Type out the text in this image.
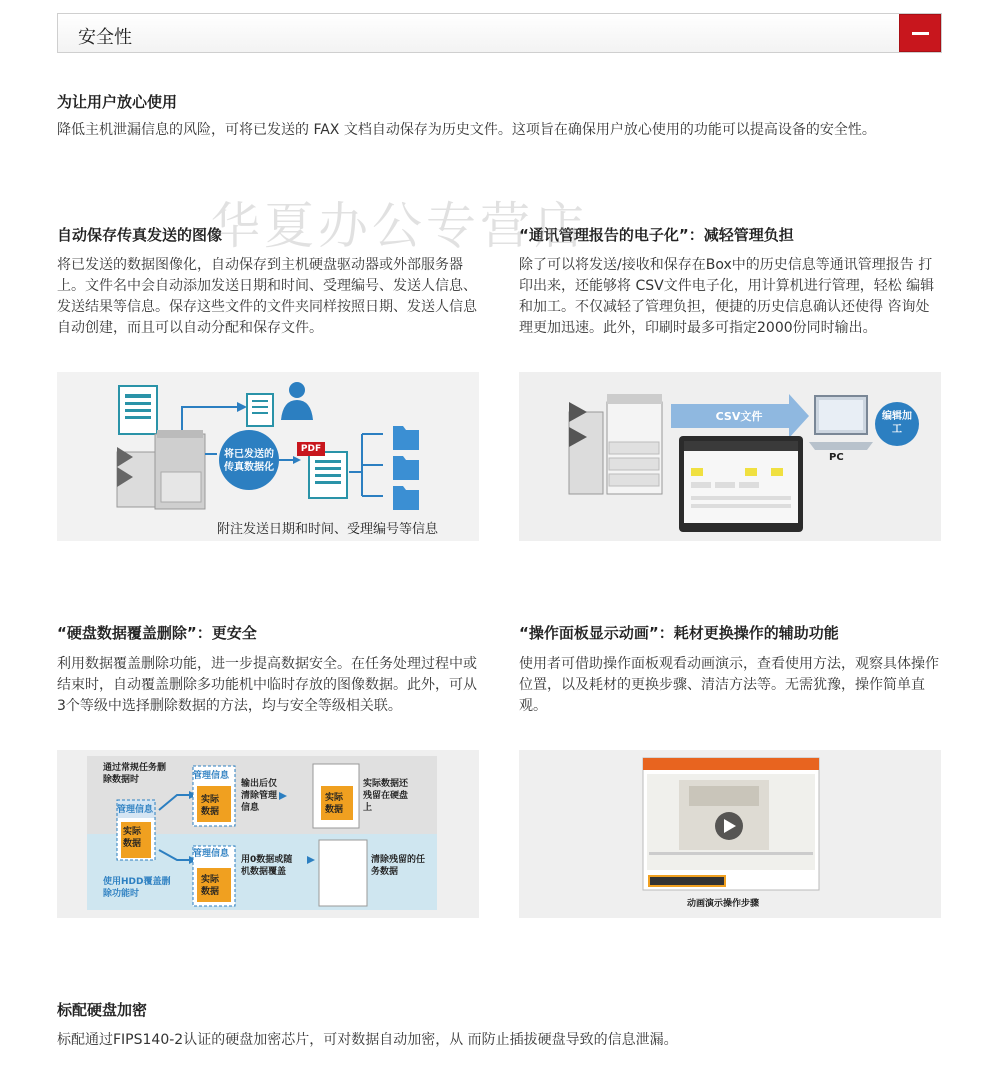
安全性
为让用户放心使用

降低主机泄漏信息的风险，可将已发送的 FAX 文档自动保存为历史文件。这项旨在确保用户放心使用的功能可以提高设备的安全性。

自动保存传真发送的图像

将已发送的数据图像化，自动保存到主机硬盘驱动器或外部服务器上。文件名中会自动添加发送日期和时间、受理编号、发送人信息、发送结果等信息。保存这些文件的文件夹同样按照日期、发送人信息自动创建，而且可以自动分配和保存文件。

将已发送的传真数据化
PDF
附注发送日期和时间、受理编号等信息
“通讯管理报告的电子化”：减轻管理负担

除了可以将发送/接收和保存在Box中的历史信息等通讯管理报告 打印出来，还能够将 CSV文件电子化，用计算机进行管理，轻松 编辑和加工。不仅减轻了管理负担，便捷的历史信息确认还使得 咨询处理更加迅速。此外，印刷时最多可指定2000份同时输出。

CSV文件
PC
编辑加工
华夏办公专营店
“硬盘数据覆盖删除”：更安全

利用数据覆盖删除功能，进一步提高数据安全。在任务处理过程中或结束时，自动覆盖删除多功能机中临时存放的图像数据。此外，可从 3个等级中选择删除数据的方法，均与安全等级相关联。

通过常规任务删除数据时
管理信息
实际数据
管理信息
实际数据
输出后仅清除管理信息
实际数据
实际数据还残留在硬盘上
管理信息
实际数据
用0数据或随机数据覆盖
清除残留的任务数据
使用HDD覆盖删除功能时
“操作面板显示动画”：耗材更换操作的辅助功能

使用者可借助操作面板观看动画演示，查看使用方法，观察具体操作位置，以及耗材的更换步骤、清洁方法等。无需犹豫，操作简单直观。

动画演示操作步骤
标配硬盘加密

标配通过FIPS140-2认证的硬盘加密芯片，可对数据自动加密，从 而防止插拔硬盘导致的信息泄漏。
